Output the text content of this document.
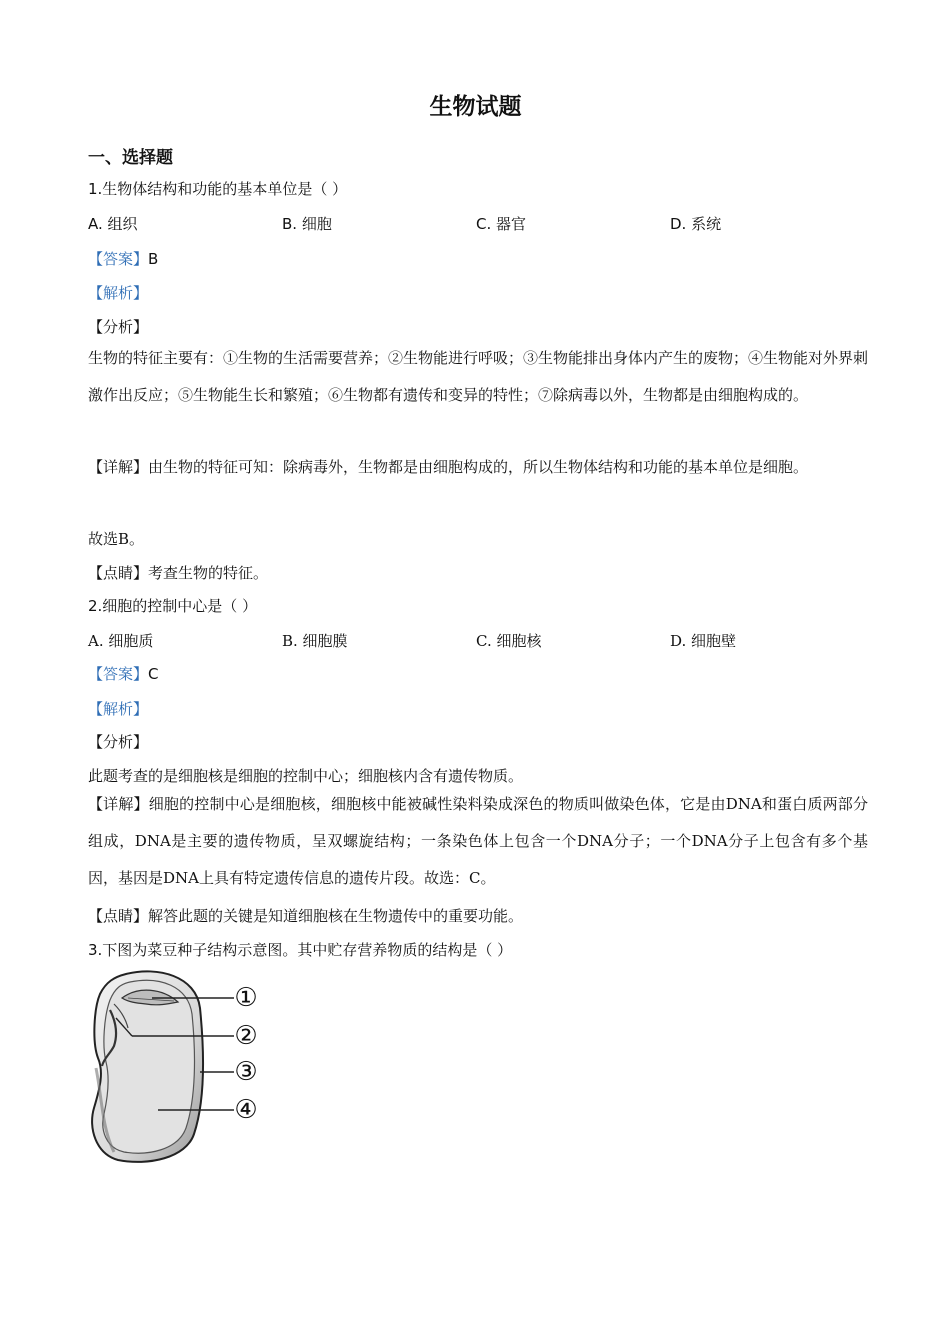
生物试题
一、选择题
1.生物体结构和功能的基本单位是（ ）
A. 组织	B. 细胞	C. 器官	D. 系统
【答案】B
【解析】
【分析】
生物的特征主要有：①生物的生活需要营养；②生物能进行呼吸；③生物能排出身体内产生的废物；④生物能对外界刺激作出反应；⑤生物能生长和繁殖；⑥生物都有遗传和变异的特性；⑦除病毒以外，生物都是由细胞构成的。
【详解】由生物的特征可知：除病毒外，生物都是由细胞构成的，所以生物体结构和功能的基本单位是细胞。
故选B。
【点睛】考查生物的特征。
2.细胞的控制中心是（ ）
A. 细胞质	B. 细胞膜	C. 细胞核	D. 细胞壁
【答案】C
【解析】
【分析】
此题考查的是细胞核是细胞的控制中心；细胞核内含有遗传物质。
【详解】细胞的控制中心是细胞核，细胞核中能被碱性染料染成深色的物质叫做染色体，它是由DNA和蛋白质两部分组成，DNA是主要的遗传物质，呈双螺旋结构；一条染色体上包含一个DNA分子；一个DNA分子上包含有多个基因，基因是DNA上具有特定遗传信息的遗传片段。故选：C。
【点睛】解答此题的关键是知道细胞核在生物遗传中的重要功能。
3.下图为菜豆种子结构示意图。其中贮存营养物质的结构是（ ）
①
②
③
④
